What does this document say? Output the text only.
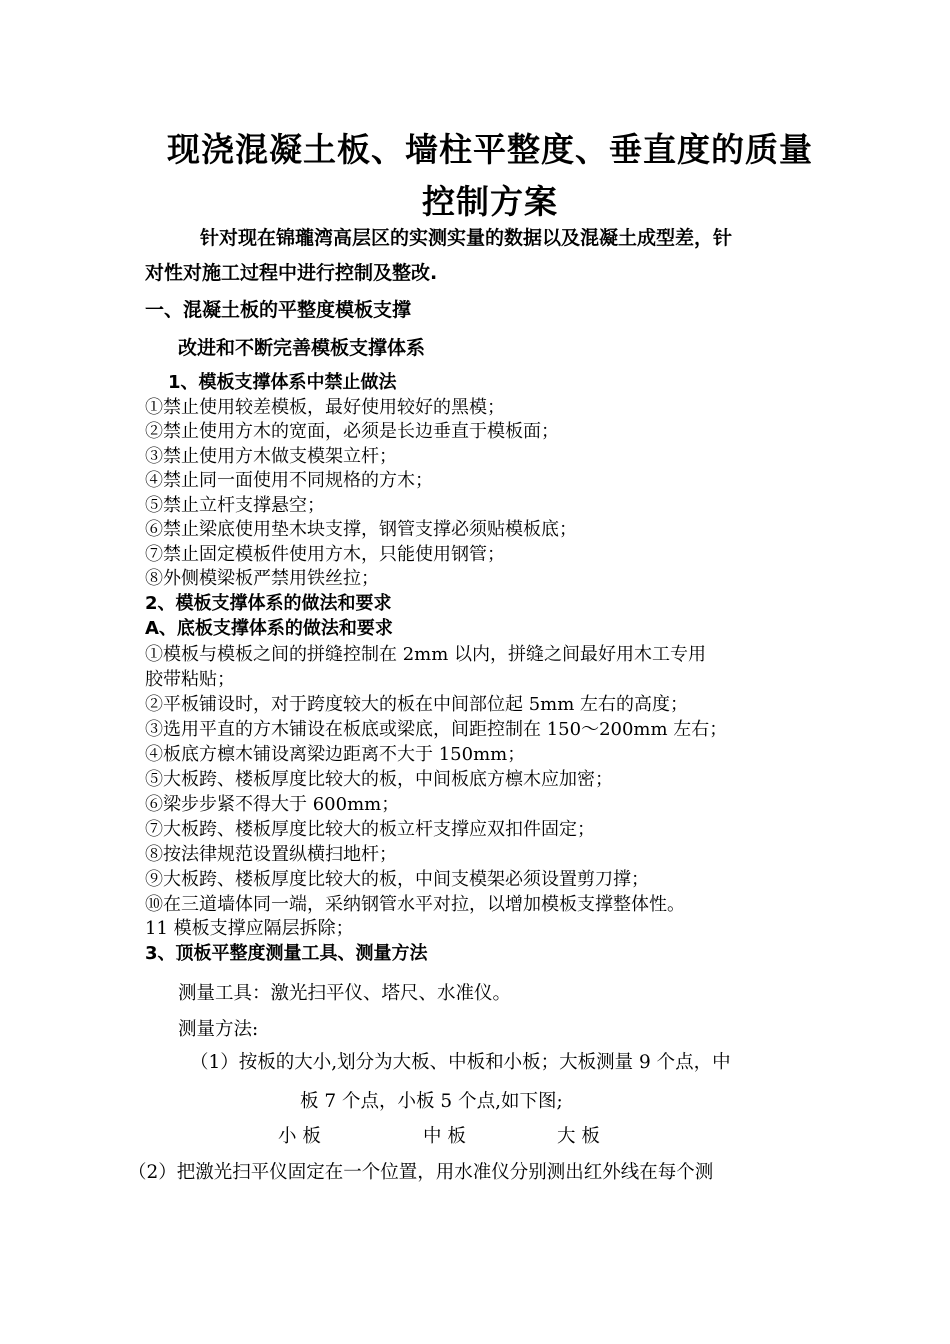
现浇混凝土板、墙柱平整度、垂直度的质量
控制方案
针对现在锦瓏湾高层区的实测实量的数据以及混凝土成型差，针
对性对施工过程中进行控制及整改.
一、混凝土板的平整度模板支撑
改进和不断完善模板支撑体系
1、模板支撑体系中禁止做法
①禁止使用较差模板，最好使用较好的黑模；
②禁止使用方木的宽面，必须是长边垂直于模板面；
③禁止使用方木做支模架立杆；
④禁止同一面使用不同规格的方木；
⑤禁止立杆支撑悬空；
⑥禁止梁底使用垫木块支撑，钢管支撑必须贴模板底；
⑦禁止固定模板件使用方木，只能使用钢管；
⑧外侧模梁板严禁用铁丝拉；
2、模板支撑体系的做法和要求
A、底板支撑体系的做法和要求
①模板与模板之间的拼缝控制在 2mm 以内，拼缝之间最好用木工专用
胶带粘贴；
②平板铺设时，对于跨度较大的板在中间部位起 5mm 左右的高度；
③选用平直的方木铺设在板底或梁底，间距控制在 150～200mm 左右；
④板底方檩木铺设离梁边距离不大于 150mm；
⑤大板跨、楼板厚度比较大的板，中间板底方檩木应加密；
⑥梁步步紧不得大于 600mm；
⑦大板跨、楼板厚度比较大的板立杆支撑应双扣件固定；
⑧按法律规范设置纵横扫地杆；
⑨大板跨、楼板厚度比较大的板，中间支模架必须设置剪刀撑；
⑩在三道墙体同一端，采纳钢管水平对拉，以增加模板支撑整体性。
11 模板支撑应隔层拆除；
3、顶板平整度测量工具、测量方法
测量工具：激光扫平仪、塔尺、水准仪。
测量方法:
（1）按板的大小,划分为大板、中板和小板；大板测量 9 个点，中
板 7 个点，小板 5 个点,如下图;
小 板	中 板	大 板
（2）把激光扫平仪固定在一个位置，用水准仪分别测出红外线在每个测
